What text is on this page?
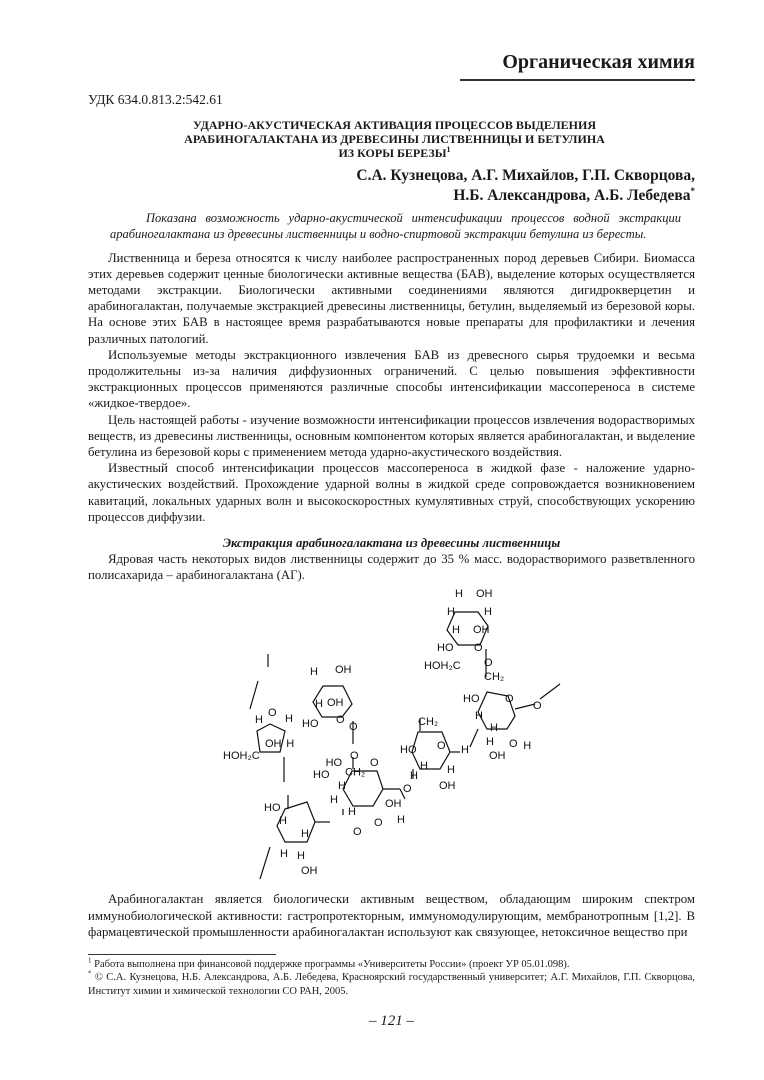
Органическая химия
УДК 634.0.813.2:542.61
УДАРНО-АКУСТИЧЕСКАЯ АКТИВАЦИЯ ПРОЦЕССОВ ВЫДЕЛЕНИЯ
АРАБИНОГАЛАКТАНА ИЗ ДРЕВЕСИНЫ ЛИСТВЕННИЦЫ И БЕТУЛИНА
ИЗ КОРЫ БЕРЕЗЫ$^1$
С.А. Кузнецова, А.Г. Михайлов, Г.П. Скворцова,
Н.Б. Александрова, А.Б. Лебедева*
Показана возможность ударно-акустической интенсификации процессов водной экстракции арабиногалактана из древесины лиственницы и водно-спиртовой экстракции бетулина из бересты.

Лиственница и береза относятся к числу наиболее распространенных пород деревьев Сибири. Биомасса этих деревьев содержит ценные биологически активные вещества (БАВ), выделение которых осуществляется методами экстракции. Биологически активными соединениями являются дигидрокверцетин и арабиногалактан, получаемые экстракцией древесины лиственницы, бетулин, выделяемый из березовой коры. На основе этих БАВ в настоящее время разрабатываются новые препараты для профилактики и лечения различных патологий.

Используемые методы экстракционного извлечения БАВ из древесного сырья трудоемки и весьма продолжительны из-за наличия диффузионных ограничений. С целью повышения эффективности экстракционных процессов применяются различные способы интенсификации массопереноса в системе «жидкое-твердое».

Цель настоящей работы - изучение возможности интенсификации процессов извлечения водорастворимых веществ, из древесины лиственницы, основным компонентом которых является арабиногалактан, и выделение бетулина из березовой коры с применением метода ударно-акустического воздействия.

Известный способ интенсификации процессов массопереноса в жидкой фазе - наложение ударно-акустических воздействий. Прохождение ударной волны в жидкой среде сопровождается возникновением кавитаций, локальных ударных волн и высокоскоростных кумулятивных струй, способствующих ускорению процессов диффузии.

Экстракция арабиногалактана из древесины лиственницы

Ядровая часть некоторых видов лиственницы содержит до 35 % масс. водорастворимого разветвленного полисахарида – арабиногалактана (АГ).

H OH
H
H OH
H
HO O
O
HOH₂C
CH₂
HO O
H
H
H
O H
OH
O
H OH
H OH
HO O
O
H
O H
HOH₂C
OH H
O
CH₂
HO	O
HO
H
H
H
O H
OH
CH₂
HO O
H
H
O
H
OH
H
O
HO
H
H H
H
OH

Арабиногалактан является биологически активным веществом, обладающим широким спектром иммунобиологической активности: гастропротекторным, иммуномодулирующим, мембранотропным [1,2]. В фармацевтической промышленности арабиногалактан используют как связующее, нетоксичное вещество при

$^1$ Работа выполнена при финансовой поддержке программы «Университеты России» (проект УР 05.01.098).

* © С.А. Кузнецова, Н.Б. Александрова, А.Б. Лебедева, Красноярский государственный университет; А.Г. Михайлов, Г.П. Скворцова, Институт химии и химической технологии СО РАН, 2005.

– 121 –
